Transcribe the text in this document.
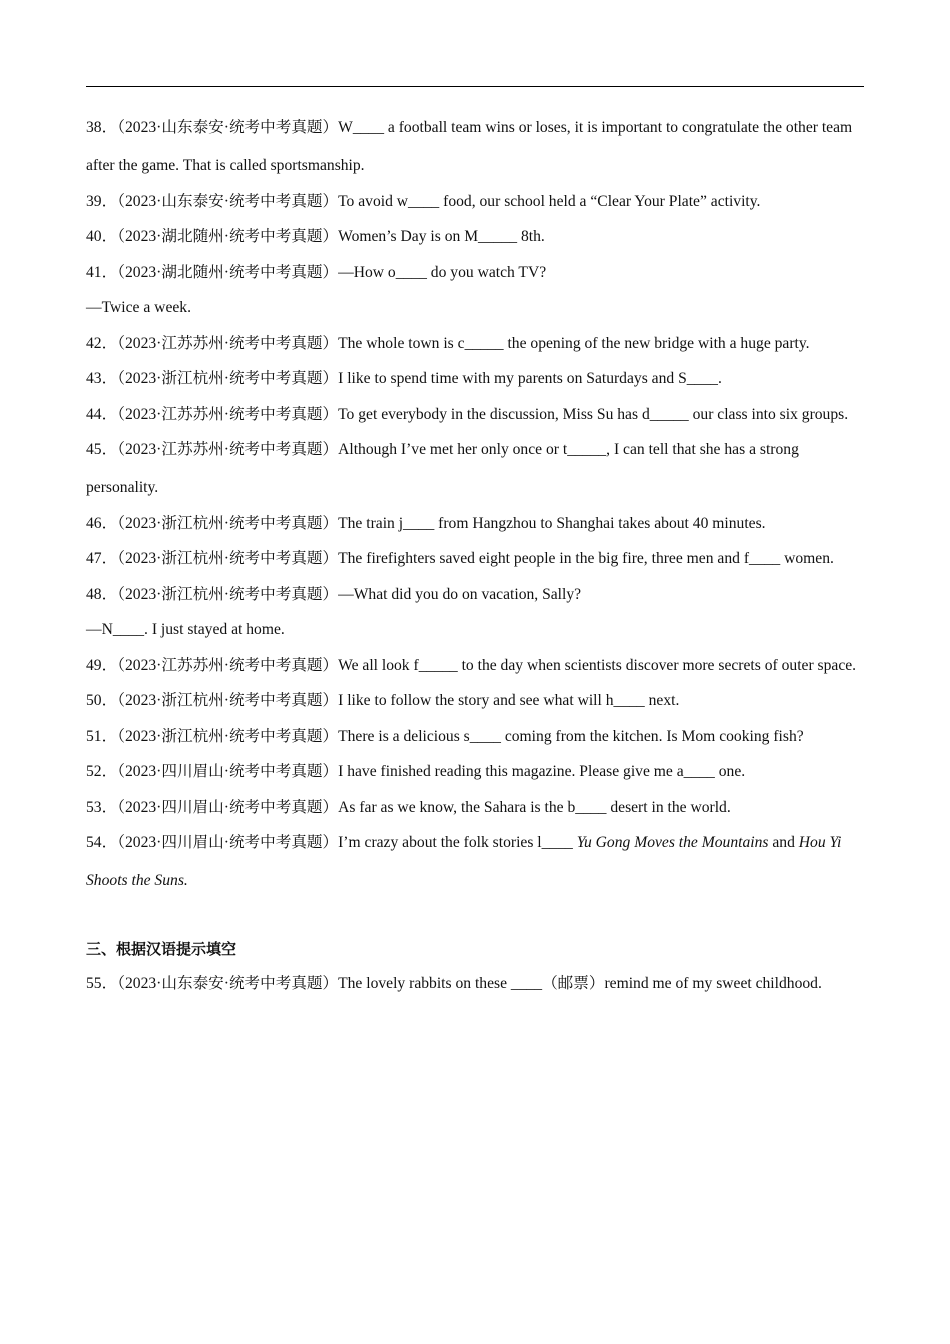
38．（2023·山东泰安·统考中考真题）W____ a football team wins or loses, it is important to congratulate the other team after the game. That is called sportsmanship.
39．（2023·山东泰安·统考中考真题）To avoid w____ food, our school held a “Clear Your Plate” activity.
40．（2023·湖北随州·统考中考真题）Women’s Day is on M_____ 8th.
41．（2023·湖北随州·统考中考真题）—How o____ do you watch TV?
—Twice a week.
42．（2023·江苏苏州·统考中考真题）The whole town is c_____ the opening of the new bridge with a huge party.
43．（2023·浙江杭州·统考中考真题）I like to spend time with my parents on Saturdays and S____.
44．（2023·江苏苏州·统考中考真题）To get everybody in the discussion, Miss Su has d_____ our class into six groups.
45．（2023·江苏苏州·统考中考真题）Although I’ve met her only once or t_____, I can tell that she has a strong personality.
46．（2023·浙江杭州·统考中考真题）The train j____ from Hangzhou to Shanghai takes about 40 minutes.
47．（2023·浙江杭州·统考中考真题）The firefighters saved eight people in the big fire, three men and f____ women.
48．（2023·浙江杭州·统考中考真题）—What did you do on vacation, Sally?
—N____. I just stayed at home.
49．（2023·江苏苏州·统考中考真题）We all look f_____ to the day when scientists discover more secrets of outer space.
50．（2023·浙江杭州·统考中考真题）I like to follow the story and see what will h____ next.
51．（2023·浙江杭州·统考中考真题）There is a delicious s____ coming from the kitchen. Is Mom cooking fish?
52．（2023·四川眉山·统考中考真题）I have finished reading this magazine. Please give me a____ one.
53．（2023·四川眉山·统考中考真题）As far as we know, the Sahara is the b____ desert in the world.
54．（2023·四川眉山·统考中考真题）I’m crazy about the folk stories l____ Yu Gong Moves the Mountains and Hou Yi Shoots the Suns.
三、根据汉语提示填空
55．（2023·山东泰安·统考中考真题）The lovely rabbits on these ____（邮票）remind me of my sweet childhood.
